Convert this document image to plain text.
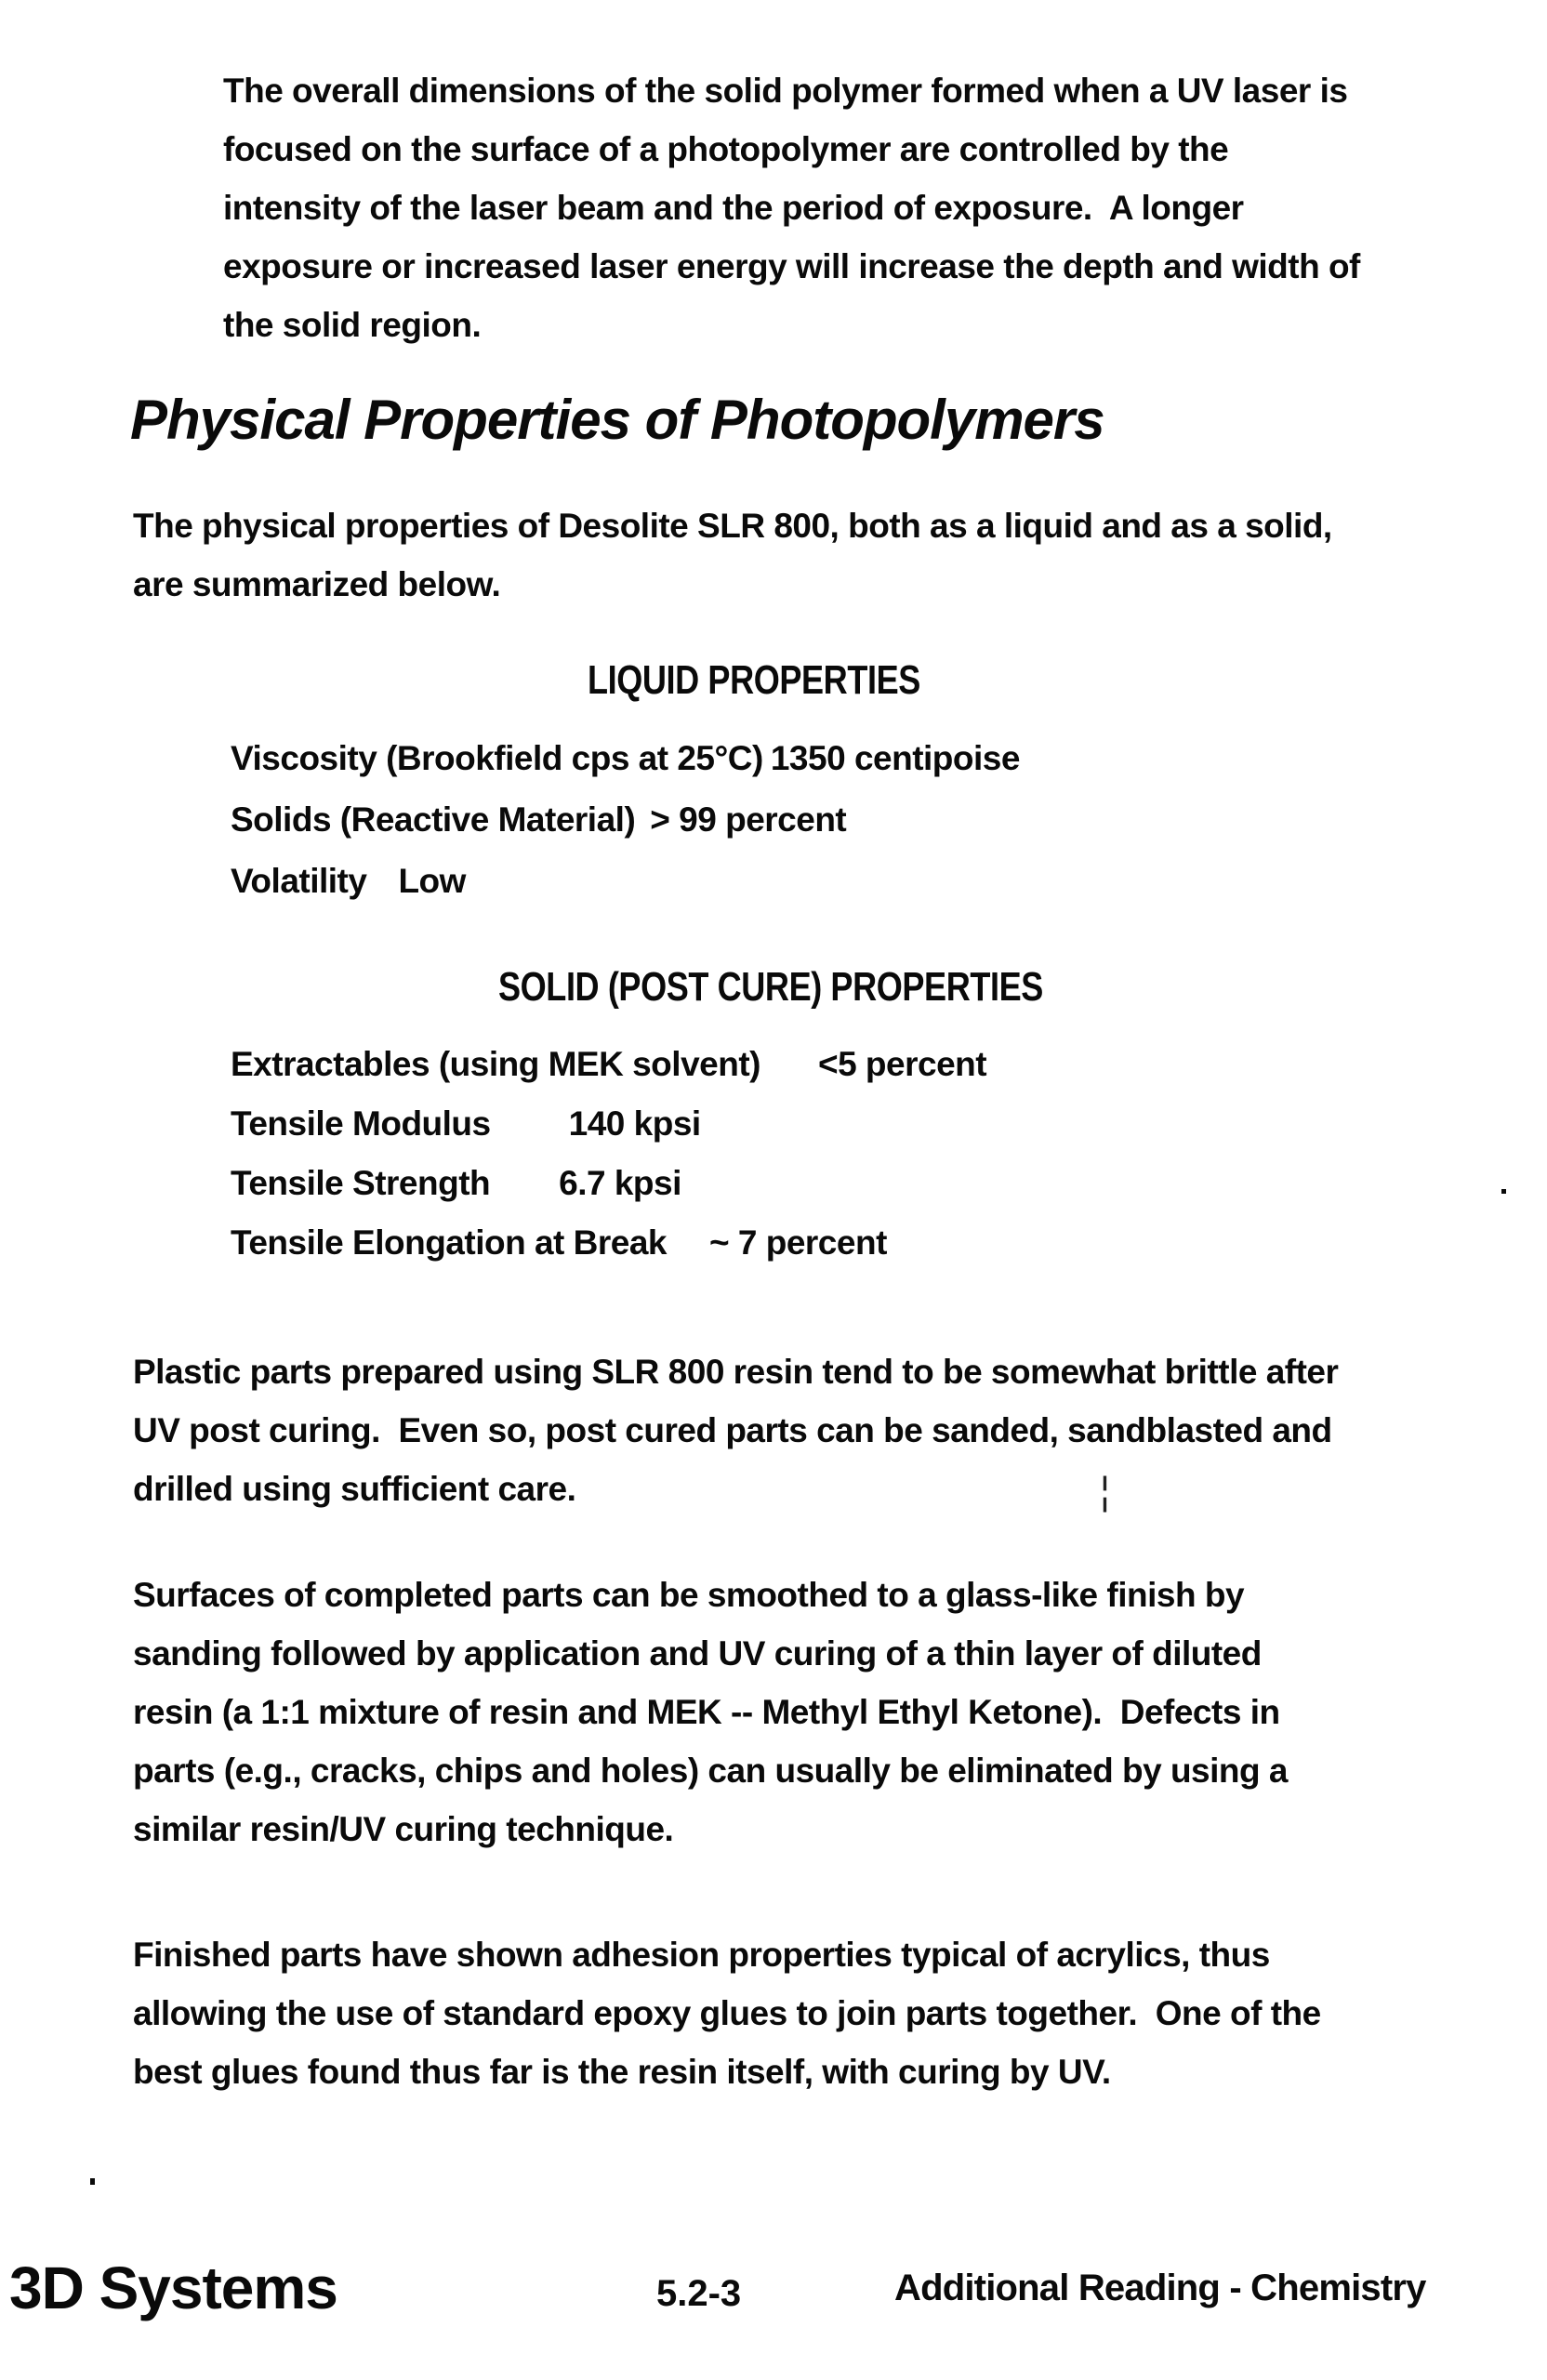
The overall dimensions of the solid polymer formed when a UV laser is
focused on the surface of a photopolymer are controlled by the
intensity of the laser beam and the period of exposure.  A longer
exposure or increased laser energy will increase the depth and width of
the solid region.

Physical Properties of Photopolymers

The physical properties of Desolite SLR 800, both as a liquid and as a solid,
are summarized below.

LIQUID PROPERTIES
Viscosity (Brookfield cps at 25°C) 1350 centipoise
Solids (Reactive Material) > 99 percent
Volatility Low
SOLID (POST CURE) PROPERTIES
Extractables (using MEK solvent) <5 percent
Tensile Modulus 140 kpsi
Tensile Strength 6.7 kpsi
Tensile Elongation at Break ~ 7 percent

Plastic parts prepared using SLR 800 resin tend to be somewhat brittle after
UV post curing.  Even so, post cured parts can be sanded, sandblasted and
drilled using sufficient care.	¦

Surfaces of completed parts can be smoothed to a glass-like finish by
sanding followed by application and UV curing of a thin layer of diluted
resin (a 1:1 mixture of resin and MEK -- Methyl Ethyl Ketone).  Defects in
parts (e.g., cracks, chips and holes) can usually be eliminated by using a
similar resin/UV curing technique.

Finished parts have shown adhesion properties typical of acrylics, thus
allowing the use of standard epoxy glues to join parts together.  One of the
best glues found thus far is the resin itself, with curing by UV.

3D Systems	5.2-3	Additional Reading - Chemistry
